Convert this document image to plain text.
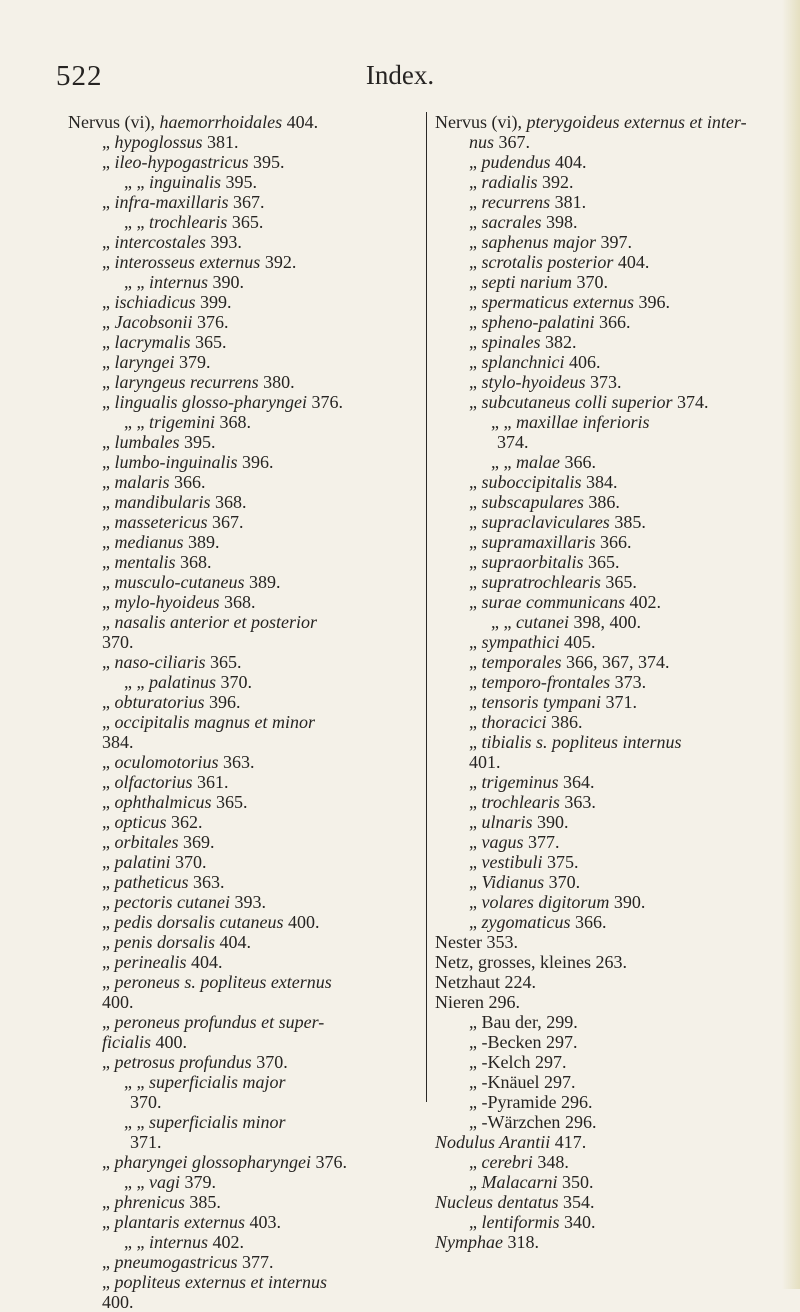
522	Index.
Nervus (vi), haemorrhoidales 404.
„ hypoglossus 381.
„ ileo-hypogastricus 395.
„ „ inguinalis 395.
„ infra-maxillaris 367.
„ „ trochlearis 365.
„ intercostales 393.
„ interosseus externus 392.
„ „ internus 390.
„ ischiadicus 399.
„ Jacobsonii 376.
„ lacrymalis 365.
„ laryngei 379.
„ laryngeus recurrens 380.
„ lingualis glosso-pharyngei 376.
„ „ trigemini 368.
„ lumbales 395.
„ lumbo-inguinalis 396.
„ malaris 366.
„ mandibularis 368.
„ massetericus 367.
„ medianus 389.
„ mentalis 368.
„ musculo-cutaneus 389.
„ mylo-hyoideus 368.
„ nasalis anterior et posterior
370.
„ naso-ciliaris 365.
„ „ palatinus 370.
„ obturatorius 396.
„ occipitalis magnus et minor
384.
„ oculomotorius 363.
„ olfactorius 361.
„ ophthalmicus 365.
„ opticus 362.
„ orbitales 369.
„ palatini 370.
„ patheticus 363.
„ pectoris cutanei 393.
„ pedis dorsalis cutaneus 400.
„ penis dorsalis 404.
„ perinealis 404.
„ peroneus s. popliteus externus
400.
„ peroneus profundus et super-
ficialis 400.
„ petrosus profundus 370.
„ „ superficialis major
370.
„ „ superficialis minor
371.
„ pharyngei glossopharyngei 376.
„ „ vagi 379.
„ phrenicus 385.
„ plantaris externus 403.
„ „ internus 402.
„ pneumogastricus 377.
„ popliteus externus et internus
400.
Nervus (vi), pterygoideus externus et inter-
nus 367.
„ pudendus 404.
„ radialis 392.
„ recurrens 381.
„ sacrales 398.
„ saphenus major 397.
„ scrotalis posterior 404.
„ septi narium 370.
„ spermaticus externus 396.
„ spheno-palatini 366.
„ spinales 382.
„ splanchnici 406.
„ stylo-hyoideus 373.
„ subcutaneus colli superior 374.
„ „ maxillae inferioris
374.
„ „ malae 366.
„ suboccipitalis 384.
„ subscapulares 386.
„ supraclaviculares 385.
„ supramaxillaris 366.
„ supraorbitalis 365.
„ supratrochlearis 365.
„ surae communicans 402.
„ „ cutanei 398, 400.
„ sympathici 405.
„ temporales 366, 367, 374.
„ temporo-frontales 373.
„ tensoris tympani 371.
„ thoracici 386.
„ tibialis s. popliteus internus
401.
„ trigeminus 364.
„ trochlearis 363.
„ ulnaris 390.
„ vagus 377.
„ vestibuli 375.
„ Vidianus 370.
„ volares digitorum 390.
„ zygomaticus 366.
Nester 353.
Netz, grosses, kleines 263.
Netzhaut 224.
Nieren 296.
„ Bau der, 299.
„ -Becken 297.
„ -Kelch 297.
„ -Knäuel 297.
„ -Pyramide 296.
„ -Wärzchen 296.
Nodulus Arantii 417.
„ cerebri 348.
„ Malacarni 350.
Nucleus dentatus 354.
„ lentiformis 340.
Nymphae 318.
